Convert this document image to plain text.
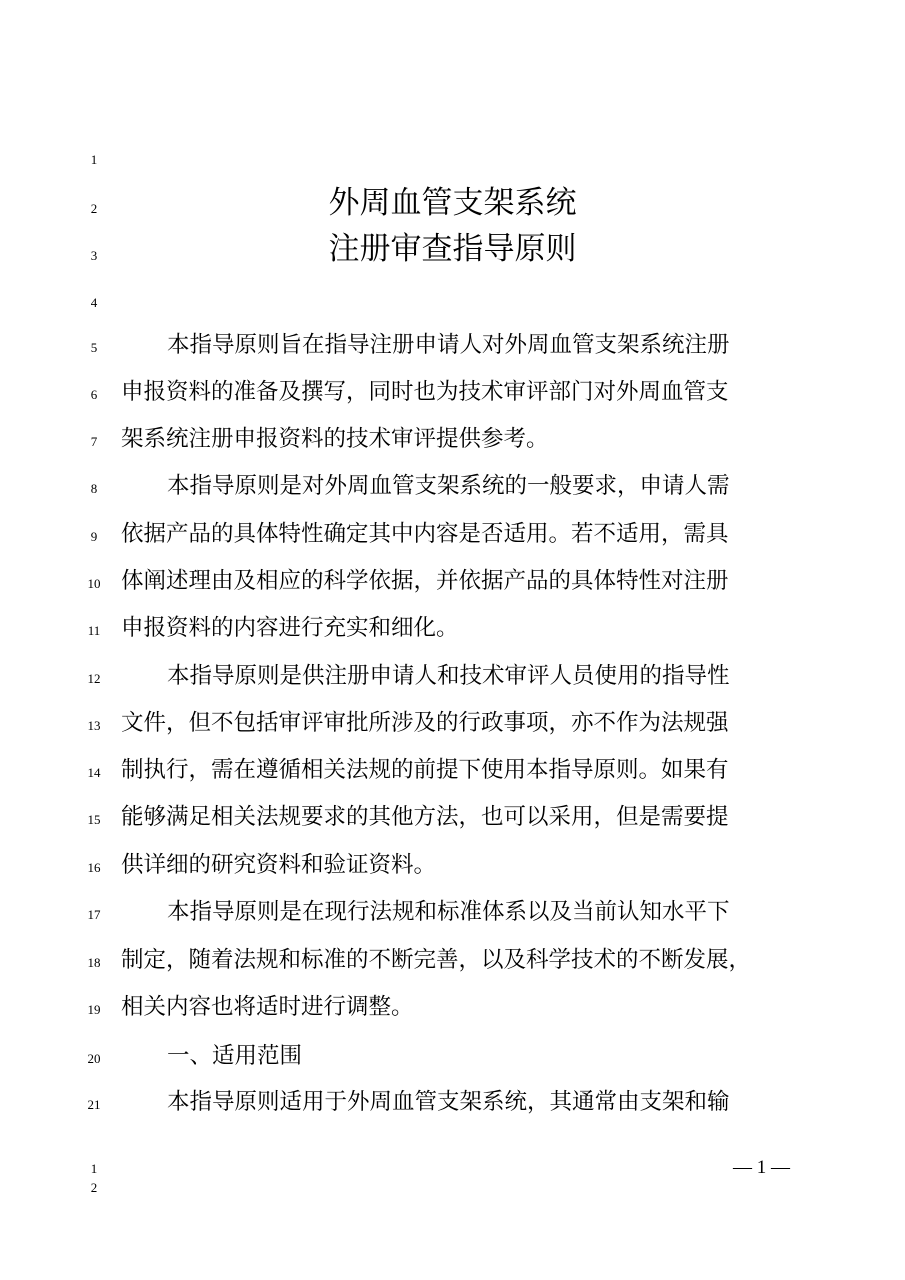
1
2
3
4
5
6
7
8
9
10
11
12
13
14
15
16
17
18
19
20
21
外周血管支架系统
注册审查指导原则
本指导原则旨在指导注册申请人对外周血管支架系统注册
申报资料的准备及撰写，同时也为技术审评部门对外周血管支
架系统注册申报资料的技术审评提供参考。
本指导原则是对外周血管支架系统的一般要求，申请人需
依据产品的具体特性确定其中内容是否适用。若不适用，需具
体阐述理由及相应的科学依据，并依据产品的具体特性对注册
申报资料的内容进行充实和细化。
本指导原则是供注册申请人和技术审评人员使用的指导性
文件，但不包括审评审批所涉及的行政事项，亦不作为法规强
制执行，需在遵循相关法规的前提下使用本指导原则。如果有
能够满足相关法规要求的其他方法，也可以采用，但是需要提
供详细的研究资料和验证资料。
本指导原则是在现行法规和标准体系以及当前认知水平下
制定，随着法规和标准的不断完善，以及科学技术的不断发展，
相关内容也将适时进行调整。
一、适用范围
本指导原则适用于外周血管支架系统，其通常由支架和输
— 1 —
1
2
